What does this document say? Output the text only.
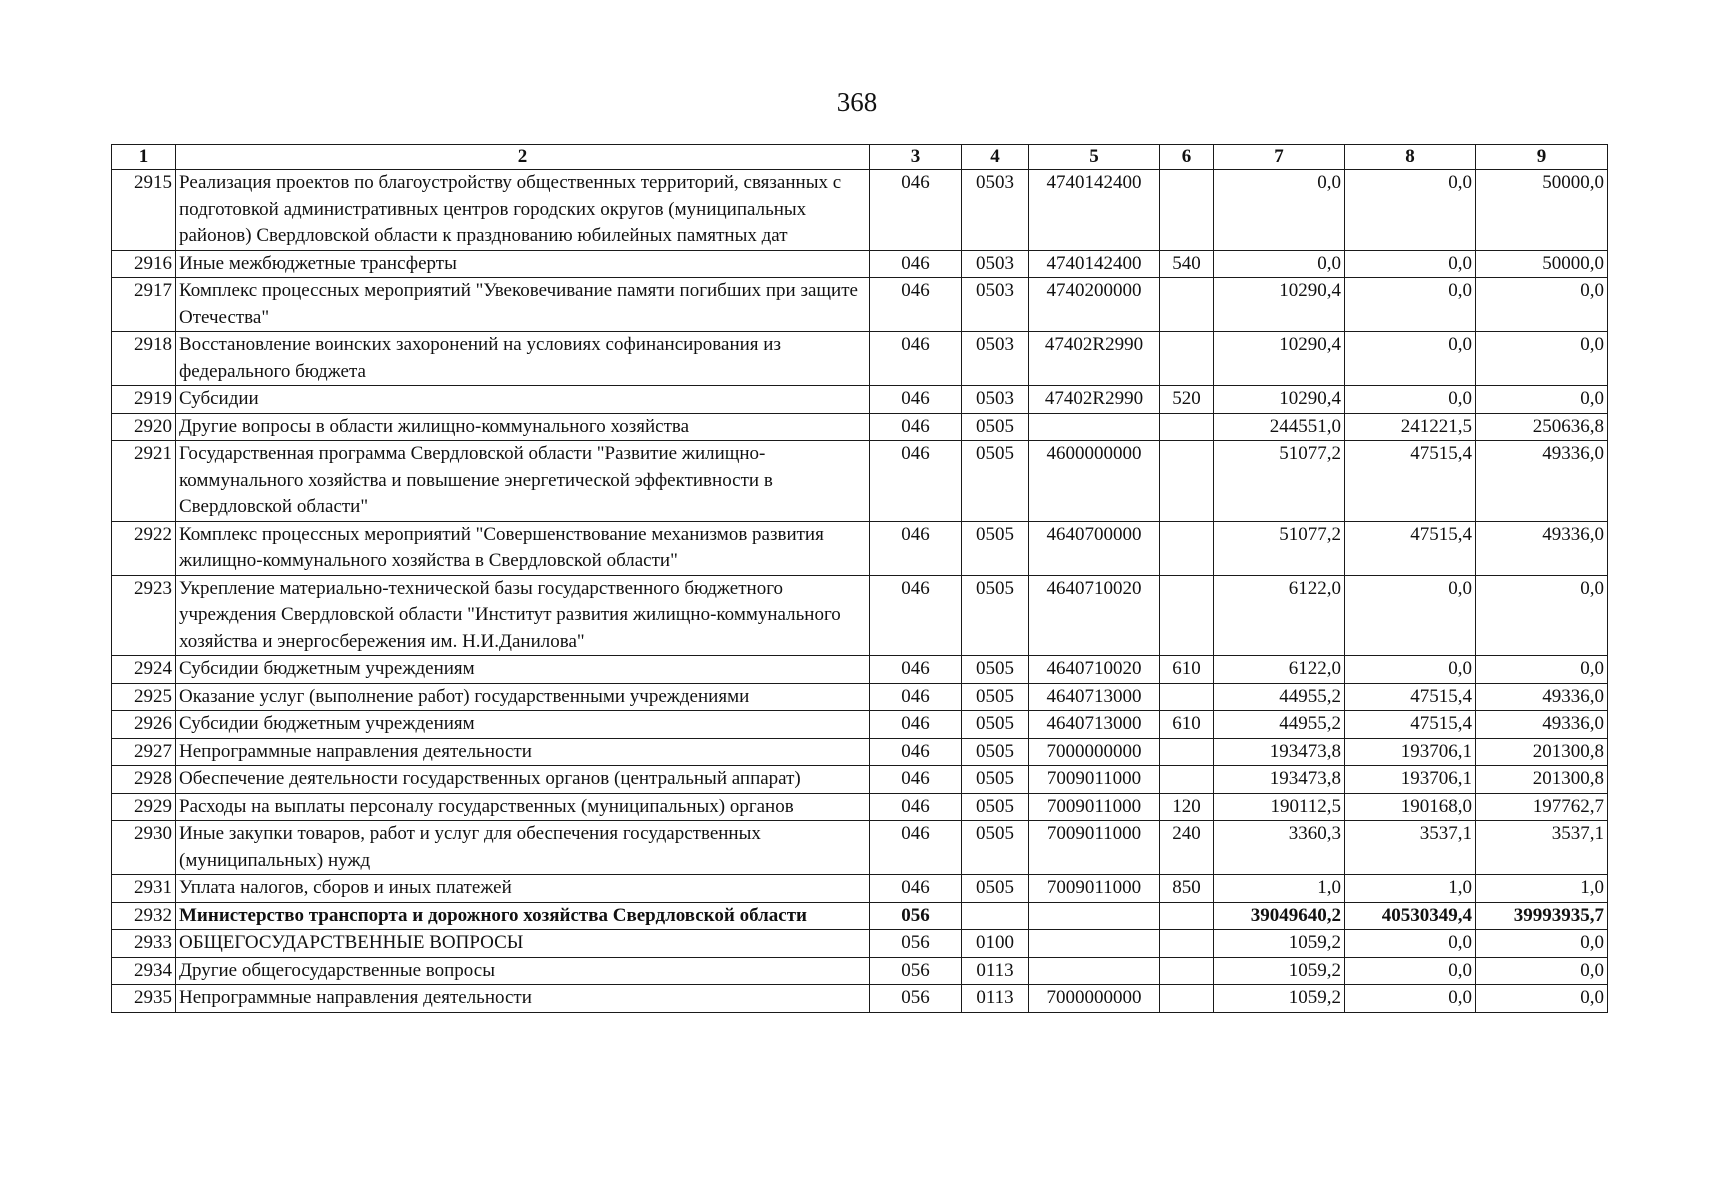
368
1	2	3	4	5	6	7	8	9
2915	Реализация проектов по благоустройству общественных территорий, связанных с подготовкой административных центров городских округов (муниципальных районов) Свердловской области к празднованию юбилейных памятных дат	046	0503	4740142400		0,0	0,0	50000,0
2916	Иные межбюджетные трансферты	046	0503	4740142400	540	0,0	0,0	50000,0
2917	Комплекс процессных мероприятий "Увековечивание памяти погибших при защите Отечества"	046	0503	4740200000		10290,4	0,0	0,0
2918	Восстановление воинских захоронений на условиях софинансирования из федерального бюджета	046	0503	47402R2990		10290,4	0,0	0,0
2919	Субсидии	046	0503	47402R2990	520	10290,4	0,0	0,0
2920	Другие вопросы в области жилищно-коммунального хозяйства	046	0505			244551,0	241221,5	250636,8
2921	Государственная программа Свердловской области "Развитие жилищно-коммунального хозяйства и повышение энергетической эффективности в Свердловской области"	046	0505	4600000000		51077,2	47515,4	49336,0
2922	Комплекс процессных мероприятий "Совершенствование механизмов развития жилищно-коммунального хозяйства в Свердловской области"	046	0505	4640700000		51077,2	47515,4	49336,0
2923	Укрепление материально-технической базы государственного бюджетного учреждения Свердловской области "Институт развития жилищно-коммунального хозяйства и энергосбережения им. Н.И.Данилова"	046	0505	4640710020		6122,0	0,0	0,0
2924	Субсидии бюджетным учреждениям	046	0505	4640710020	610	6122,0	0,0	0,0
2925	Оказание услуг (выполнение работ) государственными учреждениями	046	0505	4640713000		44955,2	47515,4	49336,0
2926	Субсидии бюджетным учреждениям	046	0505	4640713000	610	44955,2	47515,4	49336,0
2927	Непрограммные направления деятельности	046	0505	7000000000		193473,8	193706,1	201300,8
2928	Обеспечение деятельности государственных органов (центральный аппарат)	046	0505	7009011000		193473,8	193706,1	201300,8
2929	Расходы на выплаты персоналу государственных (муниципальных) органов	046	0505	7009011000	120	190112,5	190168,0	197762,7
2930	Иные закупки товаров, работ и услуг для обеспечения государственных (муниципальных) нужд	046	0505	7009011000	240	3360,3	3537,1	3537,1
2931	Уплата налогов, сборов и иных платежей	046	0505	7009011000	850	1,0	1,0	1,0
2932	Министерство транспорта и дорожного хозяйства Свердловской области	056				39049640,2	40530349,4	39993935,7
2933	ОБЩЕГОСУДАРСТВЕННЫЕ ВОПРОСЫ	056	0100			1059,2	0,0	0,0
2934	Другие общегосударственные вопросы	056	0113			1059,2	0,0	0,0
2935	Непрограммные направления деятельности	056	0113	7000000000		1059,2	0,0	0,0
